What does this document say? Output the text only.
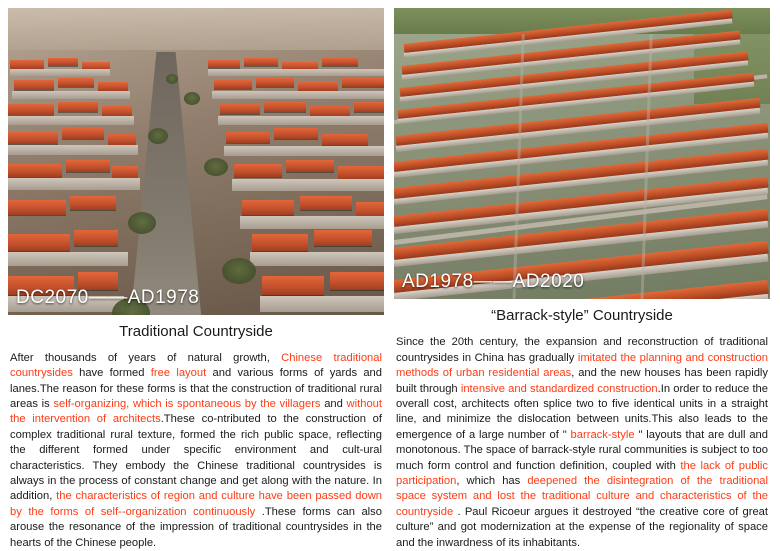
DC2070——AD1978
Traditional Countryside
After thousands of years of natural growth, Chinese traditional countrysides have formed free layout and various forms of yards and lanes.The reason for these forms is that the construction of traditional rural areas is self-organizing, which is spontaneous by the villagers and without the intervention of architects.These co-ntributed to the construction of complex traditional rural texture, formed the rich public space, reflecting the different formed under specific environment and cult-ural characteristics. They embody the Chinese traditional countrysides is always in the process of constant change and get along with the nature. In addition, the characteristics of region and culture have been passed down by the forms of self--organization continuously .These forms can also arouse the resonance of the impression of traditional countrysides in the hearts of the Chinese people.
AD1978——AD2020
“Barrack-style” Countryside
Since the 20th century, the expansion and reconstruction of traditional countrysides in China has gradually imitated the planning and construction methods of urban residential areas, and the new houses has been rapidly built through intensive and standardized construction.In order to reduce the overall cost, architects often splice two to five identical units in a straight line, and minimize the dislocation between units.This also leads to the emergence of a large number of " barrack-style " layouts that are dull and monotonous. The space of barrack-style rural communities is subject to too much form control and function definition, coupled with the lack of public participation, which has deepened the disintegration of the traditional space system and lost the traditional culture and characteristics of the countryside . Paul Ricoeur argues it destroyed “the creative core of great culture” and got modernization at the expense of the regionality of space and the inwardness of its inhabitants.
